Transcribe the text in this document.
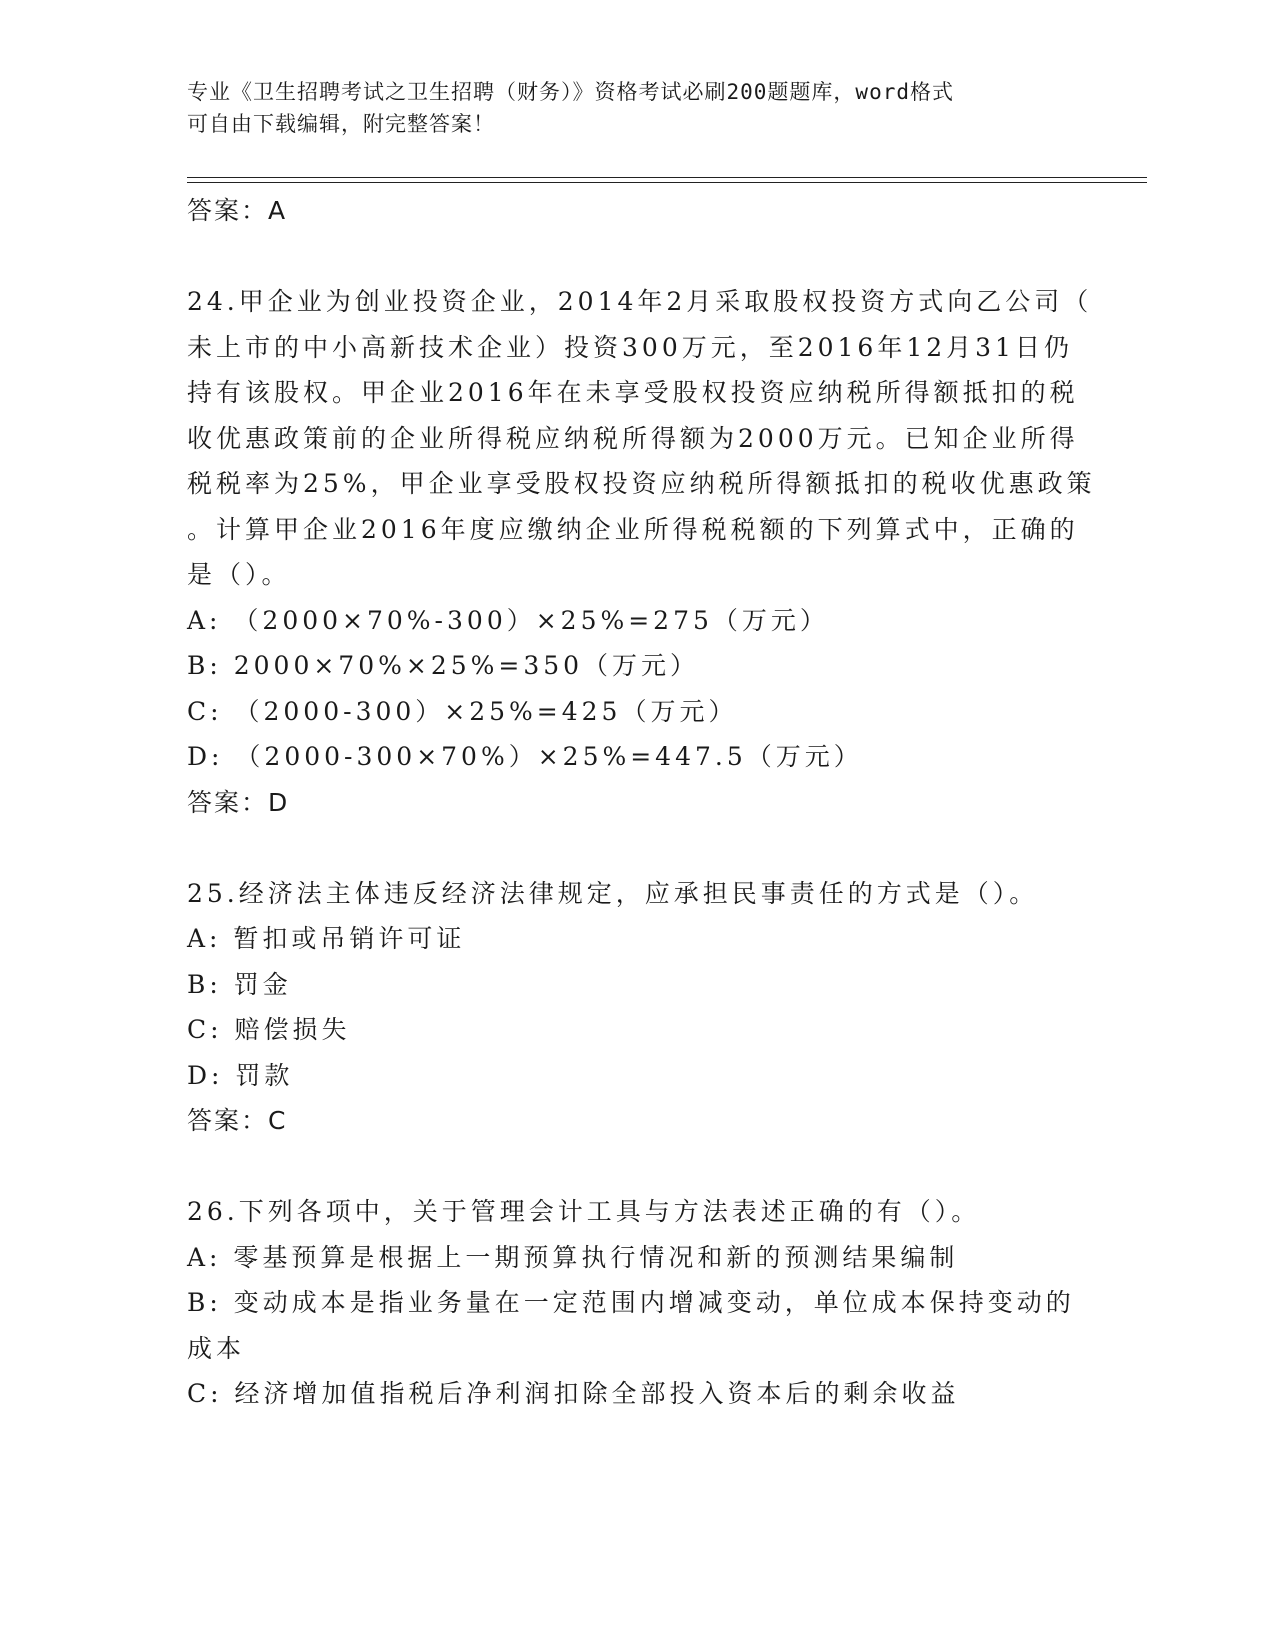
专业《卫生招聘考试之卫生招聘（财务）》资格考试必刷200题题库，word格式
可自由下载编辑，附完整答案！
答案：A
24.甲企业为创业投资企业，2014年2月采取股权投资方式向乙公司（
未上市的中小高新技术企业）投资300万元，至2016年12月31日仍
持有该股权。甲企业2016年在未享受股权投资应纳税所得额抵扣的税
收优惠政策前的企业所得税应纳税所得额为2000万元。已知企业所得
税税率为25%，甲企业享受股权投资应纳税所得额抵扣的税收优惠政策
。计算甲企业2016年度应缴纳企业所得税税额的下列算式中，正确的
是（）。
A: （2000×70%-300）×25%=275（万元）
B: 2000×70%×25%=350（万元）
C: （2000-300）×25%=425（万元）
D: （2000-300×70%）×25%=447.5（万元）
答案：D
25.经济法主体违反经济法律规定，应承担民事责任的方式是（）。
A: 暂扣或吊销许可证
B: 罚金
C: 赔偿损失
D: 罚款
答案：C
26.下列各项中，关于管理会计工具与方法表述正确的有（）。
A: 零基预算是根据上一期预算执行情况和新的预测结果编制
B: 变动成本是指业务量在一定范围内增减变动，单位成本保持变动的
成本
C: 经济增加值指税后净利润扣除全部投入资本后的剩余收益
